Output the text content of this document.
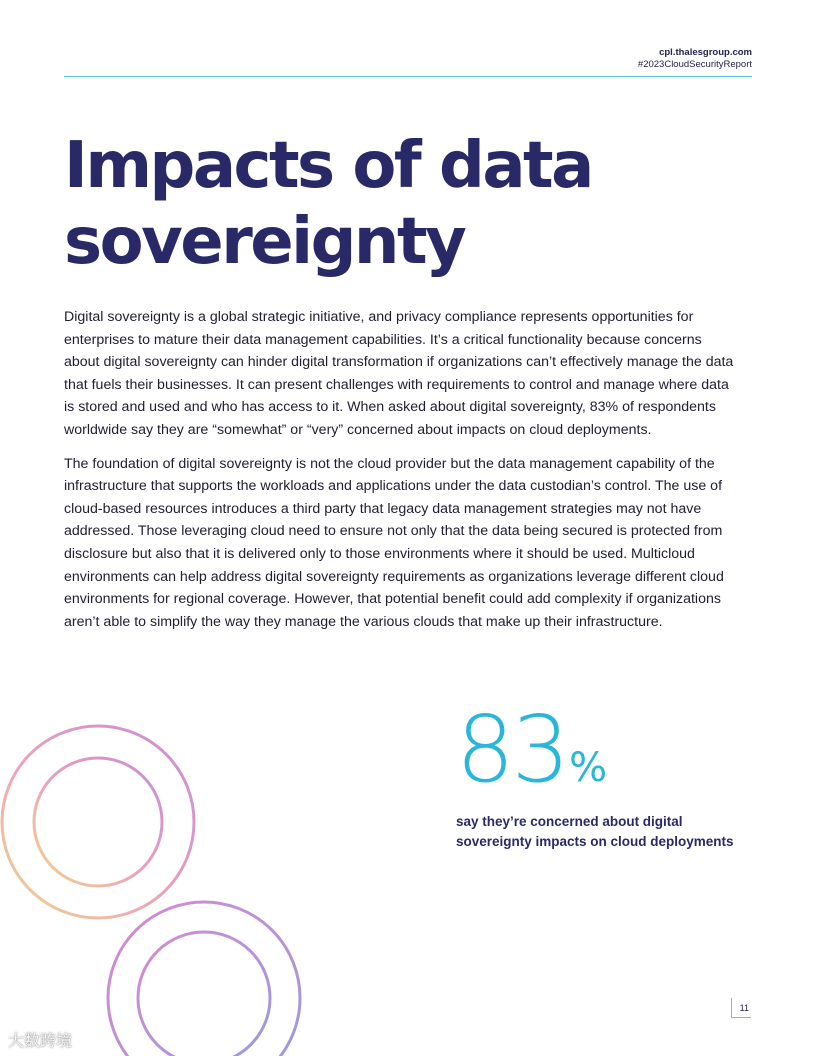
cpl.thalesgroup.com
#2023CloudSecurityReport
Impacts of data sovereignty

Digital sovereignty is a global strategic initiative, and privacy compliance represents opportunities for enterprises to mature their data management capabilities. It’s a critical functionality because concerns about digital sovereignty can hinder digital transformation if organizations can’t effectively manage the data that fuels their businesses. It can present challenges with requirements to control and manage where data is stored and used and who has access to it. When asked about digital sovereignty, 83% of respondents worldwide say they are “somewhat” or “very” concerned about impacts on cloud deployments.

The foundation of digital sovereignty is not the cloud provider but the data management capability of the infrastructure that supports the workloads and applications under the data custodian’s control. The use of cloud-based resources introduces a third party that legacy data management strategies may not have addressed. Those leveraging cloud need to ensure not only that the data being secured is protected from disclosure but also that it is delivered only to those environments where it should be used. Multicloud environments can help address digital sovereignty requirements as organizations leverage different cloud environments for regional coverage. However, that potential benefit could add complexity if organizations aren’t able to simplify the way they manage the various clouds that make up their infrastructure.

83%
say they’re concerned about digital sovereignty impacts on cloud deployments
11
大数跨境
